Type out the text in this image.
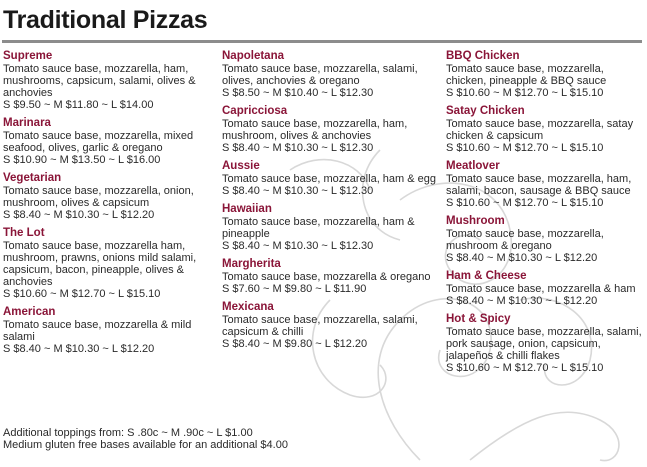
Traditional Pizzas
Supreme
Tomato sauce base, mozzarella, ham, mushrooms, capsicum, salami, olives & anchovies
S $9.50 ~ M $11.80 ~ L $14.00
Marinara
Tomato sauce base, mozzarella, mixed seafood, olives, garlic & oregano
S $10.90 ~ M $13.50 ~ L $16.00
Vegetarian
Tomato sauce base, mozzarella, onion, mushroom, olives & capsicum
S $8.40 ~ M $10.30 ~ L $12.20
The Lot
Tomato sauce base, mozzarella ham, mushroom, prawns, onions mild salami, capsicum, bacon, pineapple, olives & anchovies
S $10.60 ~ M $12.70 ~ L $15.10
American
Tomato sauce base, mozzarella & mild salami
S $8.40 ~ M $10.30 ~ L $12.20
Napoletana
Tomato sauce base, mozzarella, salami, olives, anchovies & oregano
S $8.50 ~ M $10.40 ~ L $12.30
Capricciosa
Tomato sauce base, mozzarella, ham, mushroom, olives & anchovies
S $8.40 ~ M $10.30 ~ L $12.30
Aussie
Tomato sauce base, mozzarella, ham & egg
S $8.40 ~ M $10.30 ~ L $12.30
Hawaiian
Tomato sauce base, mozzarella, ham & pineapple
S $8.40 ~ M $10.30 ~ L $12.30
Margherita
Tomato sauce base, mozzarella & oregano
S $7.60 ~ M $9.80 ~ L $11.90
Mexicana
Tomato sauce base, mozzarella, salami, capsicum & chilli
S $8.40 ~ M $9.80 ~ L $12.20
BBQ Chicken
Tomato sauce base, mozzarella, chicken, pineapple & BBQ sauce
S $10.60 ~ M $12.70 ~ L $15.10
Satay Chicken
Tomato sauce base, mozzarella, satay chicken & capsicum
S $10.60 ~ M $12.70 ~ L $15.10
Meatlover
Tomato sauce base, mozzarella, ham, salami, bacon, sausage & BBQ sauce
S $10.60 ~ M $12.70 ~ L $15.10
Mushroom
Tomato sauce base, mozzarella, mushroom & oregano
S $8.40 ~ M $10.30 ~ L $12.20
Ham & Cheese
Tomato sauce base, mozzarella & ham
S $8.40 ~ M $10.30 ~ L $12.20
Hot & Spicy
Tomato sauce base, mozzarella, salami, pork sausage, onion, capsicum, jalapeños & chilli flakes
S $10.60 ~ M $12.70 ~ L $15.10
Additional toppings from: S .80c ~ M .90c ~ L $1.00
Medium gluten free bases available for an additional $4.00
